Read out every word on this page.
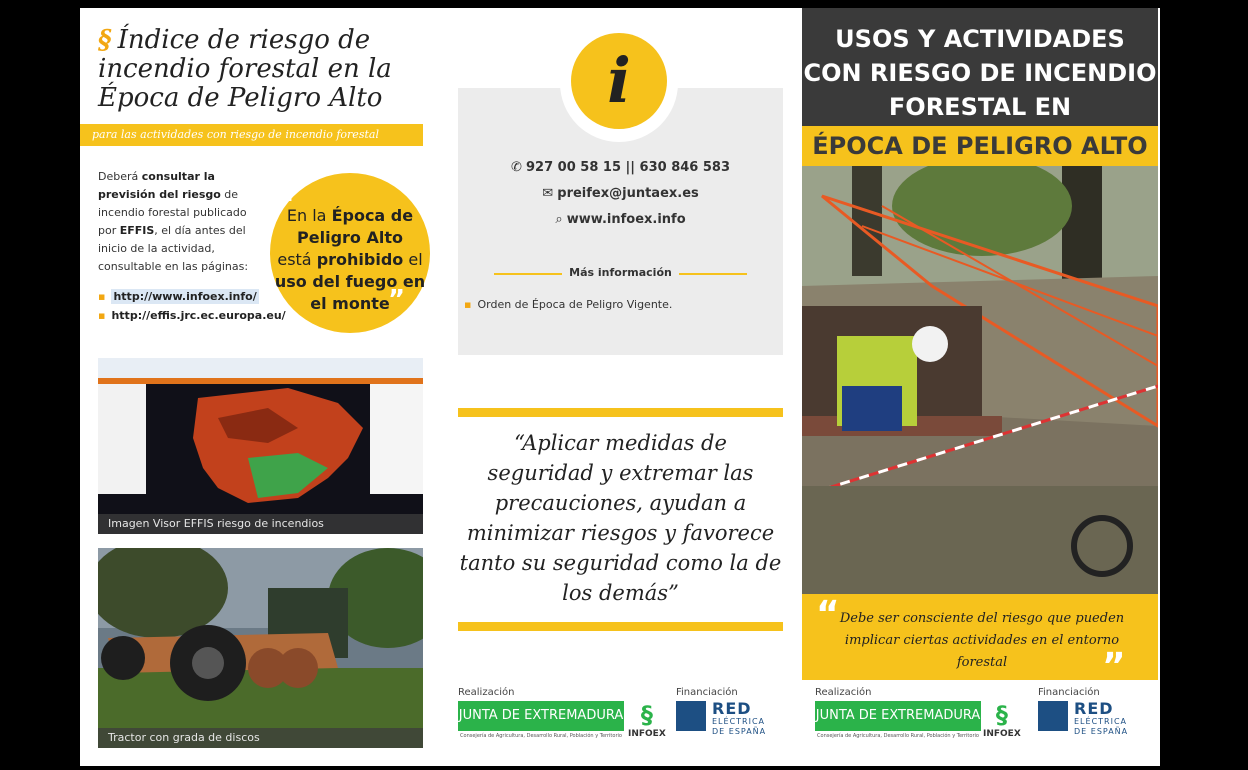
§ Índice de riesgo de incendio forestal en la Época de Peligro Alto
para las actividades con riesgo de incendio forestal
Deberá consultar la previsión del riesgo de incendio forestal publicado por EFFIS, el día antes del inicio de la actividad, consultable en las páginas:
▪ http://www.infoex.info/
▪ http://effis.jrc.ec.europa.eu/
“
En la Época de Peligro Alto
está prohibido el
uso del fuego en el monte
”
Imagen Visor EFFIS riesgo de incendios
Tractor con grada de discos
✆ 927 00 58 15 || 630 846 583
✉ preifex@juntaex.es
⌕ www.infoex.info
Más información
▪ Orden de Época de Peligro Vigente.
i
“Aplicar medidas de seguridad y extremar las precauciones, ayudan a minimizar riesgos y favorece tanto su seguridad como la de los demás”
Realización
JUNTA DE EXTREMADURA
Consejería de Agricultura, Desarrollo Rural, Población y Territorio
§
INFOEX
Financiación
RED
ELÉCTRICA
DE ESPAÑA
USOS Y ACTIVIDADES CON RIESGO DE INCENDIO FORESTAL EN
ÉPOCA DE PELIGRO ALTO
“ Debe ser consciente del riesgo que pueden implicar ciertas actividades en el entorno forestal	”
Realización
JUNTA DE EXTREMADURA
Consejería de Agricultura, Desarrollo Rural, Población y Territorio
§
INFOEX
Financiación
RED
ELÉCTRICA
DE ESPAÑA
